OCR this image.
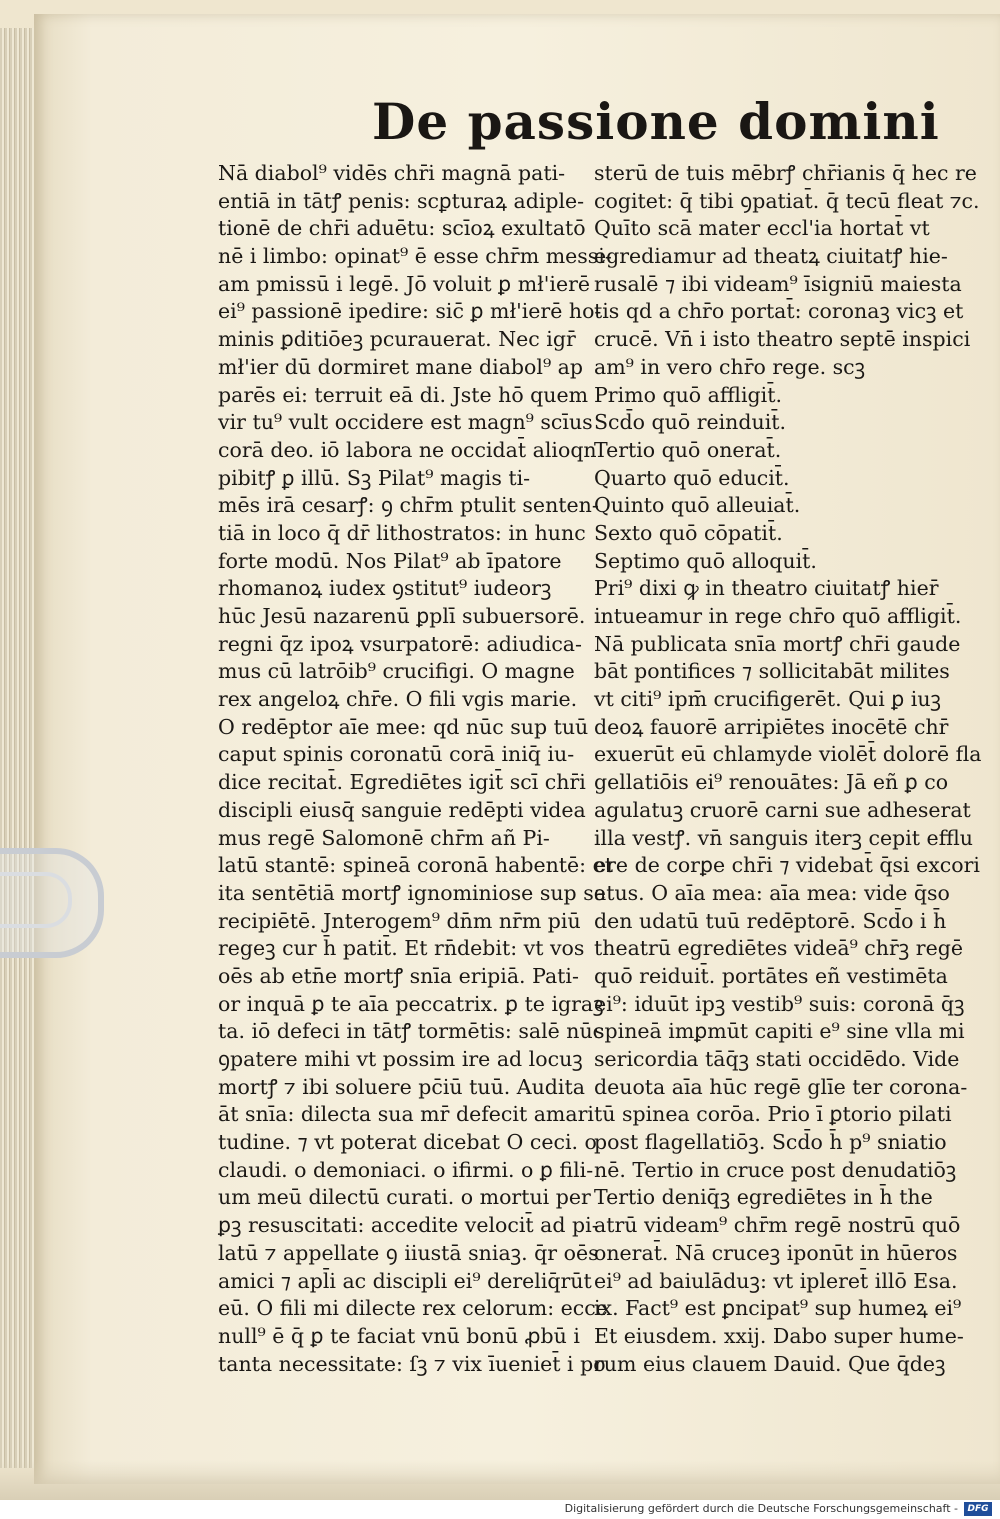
De passione domini
Nā diabol⁹ vidēs chr̄i magnā pati-
entiā in tātꝭ penis: scꝑturaꝝ adiple-
tionē de chr̄i aduētu: scīoꝝ exultatō
nē i limbo: opinat⁹ ē esse chr̄m messi-
am pmissū i legē. Jō voluit ꝑ mł'ierē
ei⁹ passionē ipedire: sic̄ ꝑ mł'ierē ho-
minis ꝑditiōeꝫ pcurauerat. Nec igr̄
mł'ier dū dormiret mane diabol⁹ ap
parēs ei: terruit eā di. Jste hō quem
vir tu⁹ vult occidere est magn⁹ scīus
corā deo. iō labora ne occidat̄ alioqn
pibitꝭ ꝑ illū. Sꝫ Pilat⁹ magis ti-
mēs irā cesarꝭ: ꝯ chr̄m ptulit senten-
tiā in loco q̄ dr̄ lithostratos: in hunc
forte modū. Nos Pilat⁹ ab īpatore
rhomanoꝝ iudex ꝯstitut⁹ iudeorꝫ
hūc Jesū nazarenū ꝑplī subuersorē.
regni q̄z ipoꝝ vsurpatorē: adiudica-
mus cū latrōib⁹ crucifigi. O magne
rex angeloꝝ chr̄e. O fili vgis marie.
O redēptor aīe mee: qd nūc sup tuū
caput spinis coronatū corā iniq̄ iu-
dice recitat̄. Egrediētes igit̄ scī chr̄i
discipli eiusq̄ sanguie redēpti videa
mus regē Salomonē chr̄m añ Pi-
latū stantē: spineā coronā habentē: et
ita sentētiā mortꝭ ignominiose sup se
recipiētē. Jnterogem⁹ dn̄m nr̄m piū
regeꝫ cur h̄ patit̄. Et rn̄debit: vt vos
oēs ab etn̄e mortꝭ snīa eripiā. Pati-
or inquā ꝑ te aīa peccatrix. ꝑ te igraꝫ
ta. iō defeci in tātꝭ tormētis: salē nūc
ꝯpatere mihi vt possim ire ad locuꝫ
mortꝭ ⁊ ibi soluere pc̄iū tuū. Audita
āt snīa: dilecta sua mr̄ defecit amari
tudine. ⁊ vt poterat dicebat O ceci. o
claudi. o demoniaci. o ifirmi. o ꝑ fili-
um meū dilectū curati. o mortui per
ꝑꝫ resuscitati: accedite velocit̄ ad pi-
latū ⁊ appellate ꝯ iiustā sniaꝫ. q̄r oēs
amici ⁊ apl̄i ac discipli ei⁹ dereliq̄rūt
eū. O fili mi dilecte rex celorum: ecce
null⁹ ē q̄ ꝑ te faciat vnū bonū ꝓbū i
tanta necessitate: ſꝫ ⁊ vix īueniet̄ i po
sterū de tuis mēbrꝭ chr̄ianis q̄ hec re
cogitet: q̄ tibi ꝯpatiat̄. q̄ tecū fleat ⁊c.
Quīto scā mater eccl'ia hortat̄ vt
egrediamur ad theatꝝ ciuitatꝭ hie-
rusalē ⁊ ibi videam⁹ īsigniū maiesta
tis qd a chr̄o portat̄: coronaꝫ vicꝫ et
crucē. Vn̄ i isto theatro septē inspici
am⁹ in vero chr̄o rege. scꝫ
Primo quō affligit̄.
Scd̄o quō reinduit̄.
Tertio quō onerat̄.
Quarto quō educit̄.
Quinto quō alleuiat̄.
Sexto quō cōpatit̄.
Septimo quō alloquit̄.
Pri⁹ dixi ꝙ in theatro ciuitatꝭ hier̄
intueamur in rege chr̄o quō affligit̄.
Nā publicata snīa mortꝭ chr̄i gaude
bāt pontifices ⁊ sollicitabāt milites
vt citi⁹ ipm̄ crucifigerēt. Qui ꝑ iuꝫ
deoꝝ fauorē arripiētes inocētē chr̄
exuerūt eū chlamyde violēt̄ dolorē fla
gellatiōis ei⁹ renouātes: Jā eñ ꝑ co
agulatuꝫ cruorē carni sue adheserat
illa vestꝭ. vn̄ sanguis iterꝫ cepit efflu
ere de corꝑe chr̄i ⁊ videbat̄ q̄si excori
atus. O aīa mea: aīa mea: vide q̄so
den udatū tuū redēptorē. Scd̄o i h̄
theatrū egrediētes videā⁹ chr̄ꝫ regē
quō reiduit̄. portātes eñ vestimēta
ei⁹: iduūt ipꝫ vestib⁹ suis: coronā q̄ꝫ
spineā imꝑmūt capiti e⁹ sine vlla mi
sericordia tāq̄ꝫ stati occidēdo. Vide
deuota aīa hūc regē glīe ter corona-
tū spinea corōa. Prio ī ꝑtorio pilati
post flagellatiōꝫ. Scd̄o h̄ p⁹ sniatio
nē. Tertio in cruce post denudatiōꝫ
Tertio deniq̄ꝫ egrediētes in h̄ the
atrū videam⁹ chr̄m regē nostrū quō
onerat̄. Nā cruceꝫ iponūt in hūeros
ei⁹ ad baiulāduꝫ: vt ipleret̄ illō Esa.
ix. Fact⁹ est ꝑncipat⁹ sup humeꝝ ei⁹
Et eiusdem. xxij. Dabo super hume-
rum eius clauem Dauid. Que q̄deꝫ
Digitalisierung gefördert durch die Deutsche Forschungsgemeinschaft -	DFG
